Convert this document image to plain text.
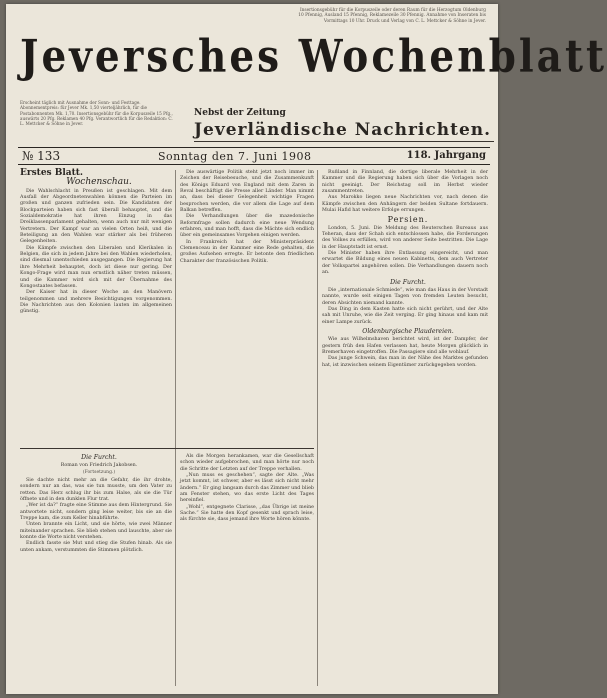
Insertionsgebühr für die Korpuszeile oder deren Raum für die Herzogtum Oldenburg 10 Pfennig, Ausland 15 Pfennig, Reklamezeile 30 Pfennig. Annahme von Inseraten bis Vormittags 10 Uhr. Druck und Verlag von C. L. Mettcker & Söhne in Jever.
Jeversches Wochenblatt
Erscheint täglich mit Ausnahme der Sonn- und Festtage. Abonnementpreis: für Jever Mk. 1,50 vierteljährlich, für die Postabonnenten Mk. 1,70. Insertionsgebühr für die Korpuszeile 15 Pfg., auswärts 20 Pfg. Reklamen 40 Pfg. Verantwortlich für die Redaktion: C. L. Mettcker & Söhne in Jever.
Nebst der Zeitung
Jeverländische Nachrichten.
№ 133	Sonntag den 7. Juni 1908	118. Jahrgang

Erstes Blatt.

Wochenschau.

Die Wahlschlacht in Preußen ist geschlagen. Mit dem Ausfall der Abgeordnetenwahlen können die Parteien im großen und ganzen zufrieden sein. Die Kandidaten der Blockparteien haben sich fast überall behauptet, und die Sozialdemokratie hat ihren Einzug in das Dreiklassenparlament gehalten, wenn auch nur mit wenigen Vertretern. Der Kampf war an vielen Orten heiß, und die Beteiligung an den Wahlen war stärker als bei früheren Gelegenheiten.

Die Kämpfe zwischen den Liberalen und Klerikalen in Belgien, die sich in jedem Jahre bei den Wahlen wiederholen, sind diesmal unentschieden ausgegangen. Die Regierung hat ihre Mehrheit behauptet, doch ist diese nur gering. Der Kongo-Frage wird man nun ernstlich näher treten müssen, und die Kammer wird sich mit der Übernahme des Kongostaates befassen.

Der Kaiser hat in dieser Woche an den Manövern teilgenommen und mehrere Besichtigungen vorgenommen. Die Nachrichten aus den Kolonien lauten im allgemeinen günstig.

Die Furcht.

Roman von Friedrich Jakobsen.

(Fortsetzung.)

Sie dachte nicht mehr an die Gefahr, die ihr drohte, sondern nur an das, was sie tun musste, um den Vater zu retten. Das Herz schlug ihr bis zum Halse, als sie die Tür öffnete und in den dunklen Flur trat.

„Wer ist da?“ fragte eine Stimme aus dem Hintergrund. Sie antwortete nicht, sondern ging leise weiter, bis sie an die Treppe kam, die zum Keller hinabführte.

Unten brannte ein Licht, und sie hörte, wie zwei Männer miteinander sprachen. Sie blieb stehen und lauschte, aber sie konnte die Worte nicht verstehen.

Endlich fasste sie Mut und stieg die Stufen hinab. Als sie unten ankam, verstummten die Stimmen plötzlich.

Die auswärtige Politik steht jetzt noch immer im Zeichen der Reisebesuche, und die Zusammenkunft des Königs Eduard von England mit dem Zaren in Reval beschäftigt die Presse aller Länder. Man nimmt an, dass bei dieser Gelegenheit wichtige Fragen besprochen werden, die vor allem die Lage auf dem Balkan betreffen.

Die Verhandlungen über die mazedonische Reformfrage sollen dadurch eine neue Wendung erfahren, und man hofft, dass die Mächte sich endlich über ein gemeinsames Vorgehen einigen werden.

In Frankreich hat der Ministerpräsident Clemenceau in der Kammer eine Rede gehalten, die großes Aufsehen erregte. Er betonte den friedlichen Charakter der französischen Politik.

Als die Morgen herankamen, war die Gesellschaft schon wieder aufgebrochen, und man hörte nur noch die Schritte der Letzten auf der Treppe verhallen.

„Nun muss es geschehen“, sagte der Alte. „Was jetzt kommt, ist schwer, aber es lässt sich nicht mehr ändern.“ Er ging langsam durch das Zimmer und blieb am Fenster stehen, wo das erste Licht des Tages hereinfiel.

„Wohl“, entgegnete Clarisse, „das Übrige ist meine Sache.“ Sie hatte den Kopf gesenkt und sprach leise, als fürchte sie, dass jemand ihre Worte hören könnte.

Rußland in Finnland, die dortige liberale Mehrheit in der Kammer und die Regierung haben sich über die Vorlagen noch nicht geeinigt. Der Reichstag soll im Herbst wieder zusammentreten.

Aus Marokko liegen neue Nachrichten vor, nach denen die Kämpfe zwischen den Anhängern der beiden Sultane fortdauern. Mulai Hafid hat weitere Erfolge errungen.

Persien.

London, 5. Juni. Die Meldung des Reuterschen Bureaus aus Teheran, dass der Schah sich entschlossen habe, die Forderungen des Volkes zu erfüllen, wird von anderer Seite bestritten. Die Lage in der Hauptstadt ist ernst.

Die Minister haben ihre Entlassung eingereicht, und man erwartet die Bildung eines neuen Kabinetts, dem auch Vertreter der Volkspartei angehören sollen. Die Verhandlungen dauern noch an.

Die Furcht.

Die „internationale Schmiede“, wie man das Haus in der Vorstadt nannte, wurde seit einigen Tagen von fremden Leuten besucht, deren Absichten niemand kannte.

Das Ding in dem Kasten hatte sich nicht gerührt, und der Alte sah mit Unruhe, wie die Zeit verging. Er ging hinaus und kam mit einer Lampe zurück.

Oldenburgische Plaudereien.

Wie aus Wilhelmshaven berichtet wird, ist der Dampfer, der gestern früh den Hafen verlassen hat, heute Morgen glücklich in Bremerhaven eingetroffen. Die Passagiere sind alle wohlauf.

Das junge Schwein, das man in der Nähe des Marktes gefunden hat, ist inzwischen seinem Eigentümer zurückgegeben worden.
